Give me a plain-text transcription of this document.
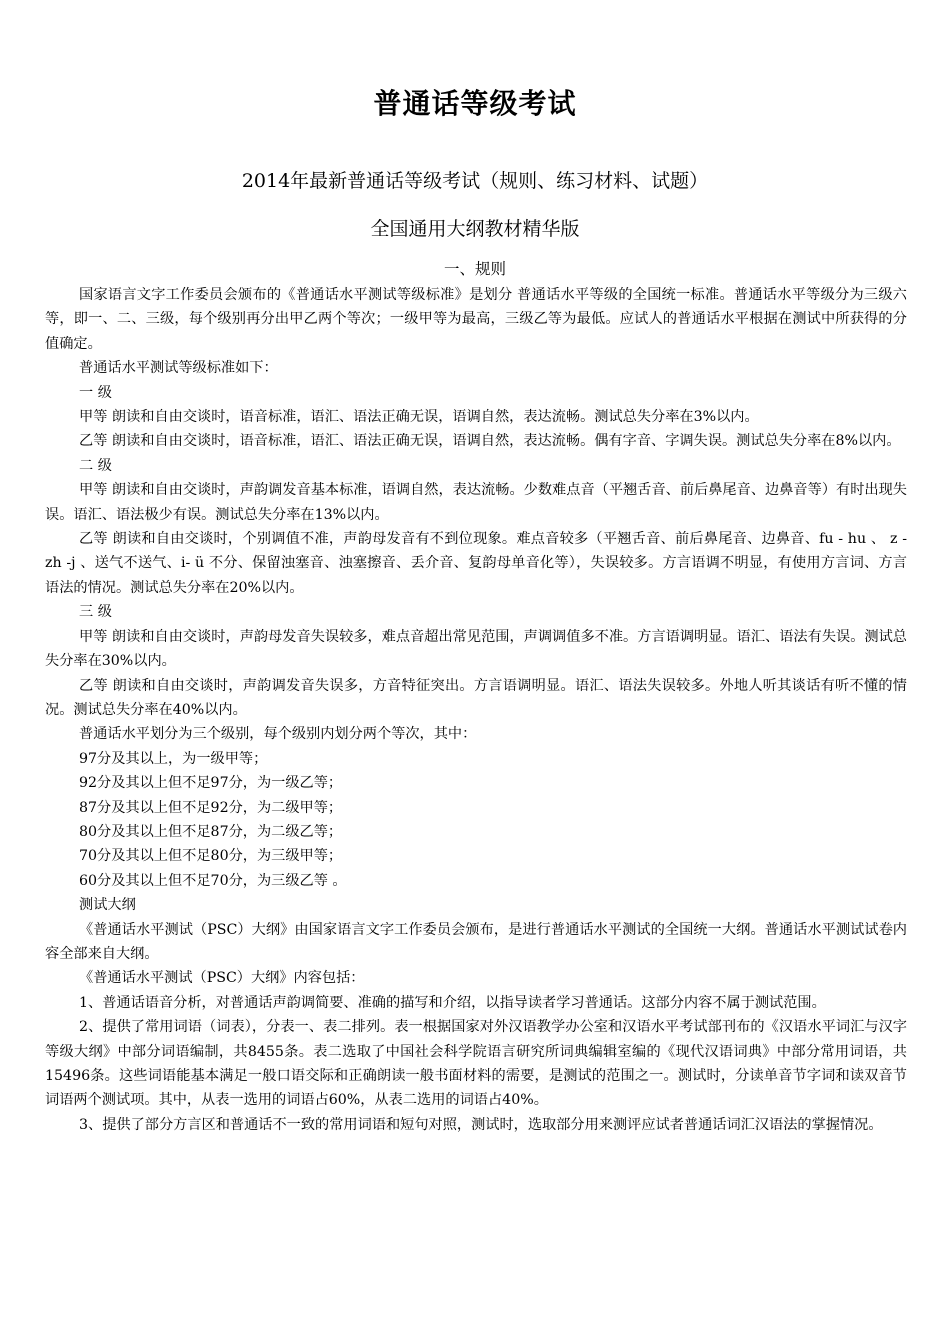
普通话等级考试
2014年最新普通话等级考试（规则、练习材料、试题）
全国通用大纲教材精华版
一、规则

国家语言文字工作委员会颁布的《普通话水平测试等级标准》是划分 普通话水平等级的全国统一标准。普通话水平等级分为三级六等，即一、二、三级，每个级别再分出甲乙两个等次；一级甲等为最高，三级乙等为最低。应试人的普通话水平根据在测试中所获得的分值确定。

普通话水平测试等级标准如下：

一 级

甲等 朗读和自由交谈时，语音标准，语汇、语法正确无误，语调自然，表达流畅。测试总失分率在3%以内。

乙等 朗读和自由交谈时，语音标准，语汇、语法正确无误，语调自然，表达流畅。偶有字音、字调失误。测试总失分率在8%以内。

二 级

甲等 朗读和自由交谈时，声韵调发音基本标准，语调自然，表达流畅。少数难点音（平翘舌音、前后鼻尾音、边鼻音等）有时出现失误。语汇、语法极少有误。测试总失分率在13%以内。

乙等 朗读和自由交谈时，个别调值不准，声韵母发音有不到位现象。难点音较多（平翘舌音、前后鼻尾音、边鼻音、fu - hu 、 z - zh -j 、送气不送气、i- ü 不分、保留浊塞音、浊塞擦音、丢介音、复韵母单音化等），失误较多。方言语调不明显，有使用方言词、方言语法的情况。测试总失分率在20%以内。

三 级

甲等 朗读和自由交谈时，声韵母发音失误较多，难点音超出常见范围，声调调值多不准。方言语调明显。语汇、语法有失误。测试总失分率在30%以内。

乙等 朗读和自由交谈时，声韵调发音失误多，方音特征突出。方言语调明显。语汇、语法失误较多。外地人听其谈话有听不懂的情况。测试总失分率在40%以内。

普通话水平划分为三个级别，每个级别内划分两个等次，其中：

97分及其以上，为一级甲等；

92分及其以上但不足97分，为一级乙等；

87分及其以上但不足92分，为二级甲等；

80分及其以上但不足87分，为二级乙等；

70分及其以上但不足80分，为三级甲等；

60分及其以上但不足70分，为三级乙等 。

测试大纲

《普通话水平测试（PSC）大纲》由国家语言文字工作委员会颁布，是进行普通话水平测试的全国统一大纲。普通话水平测试试卷内容全部来自大纲。

《普通话水平测试（PSC）大纲》内容包括：

1、普通话语音分析，对普通话声韵调简要、准确的描写和介绍，以指导读者学习普通话。这部分内容不属于测试范围。

2、提供了常用词语（词表），分表一、表二排列。表一根据国家对外汉语教学办公室和汉语水平考试部刊布的《汉语水平词汇与汉字等级大纲》中部分词语编制，共8455条。表二选取了中国社会科学院语言研究所词典编辑室编的《现代汉语词典》中部分常用词语，共15496条。这些词语能基本满足一般口语交际和正确朗读一般书面材料的需要，是测试的范围之一。测试时，分读单音节字词和读双音节词语两个测试项。其中，从表一选用的词语占60%，从表二选用的词语占40%。

3、提供了部分方言区和普通话不一致的常用词语和短句对照，测试时，选取部分用来测评应试者普通话词汇汉语法的掌握情况。
